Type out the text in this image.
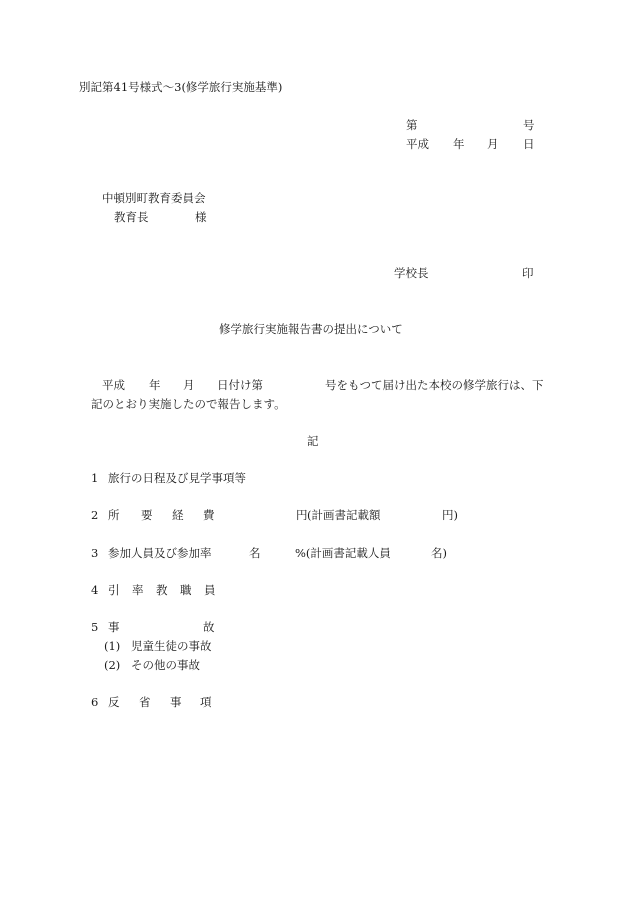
別記第41号様式〜3(修学旅行実施基準)
第	号
平成 年 月 日
中頓別町教育委員会
教育長	様
学校長	印
修学旅行実施報告書の提出について
平成 年 月 日付け第	号をもつて届け出た本校の修学旅行は、下
記のとおり実施したので報告します。
記
1 旅行の日程及び見学事項等
2 所 要 経 費	円 (計画書記載額	円)
3 参加人員及び参加率	名	%(計画書記載人員	名)
4 引 率 教 職 員
5 事	故
(1) 児童生徒の事故
(2) その他の事故
6 反 省 事 項
